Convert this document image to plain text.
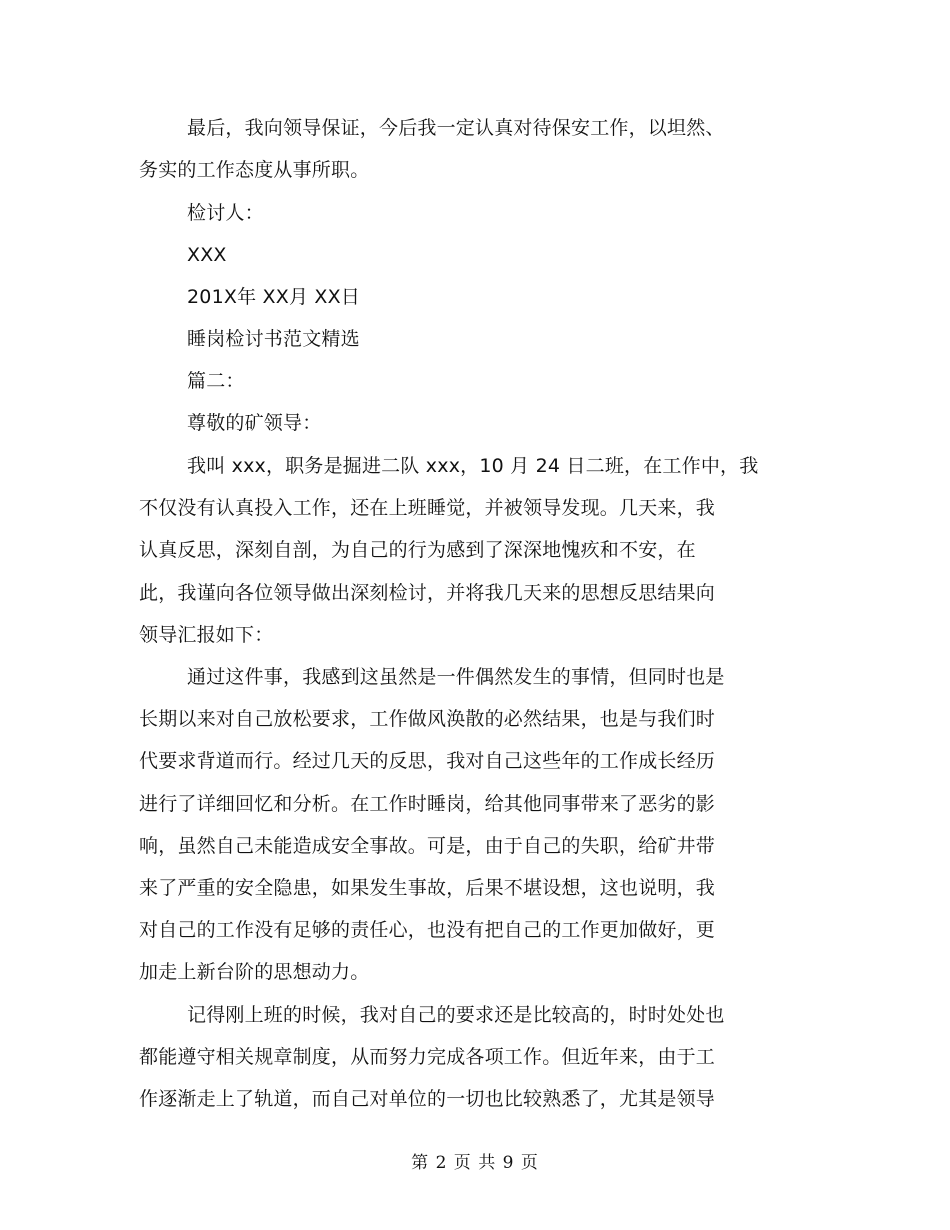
最后，我向领导保证，今后我一定认真对待保安工作，以坦然、
务实的工作态度从事所职。
检讨人：
XXX
201X年 XX月 XX日
睡岗检讨书范文精选
篇二：
尊敬的矿领导：
我叫 xxx，职务是掘进二队 xxx，10 月 24 日二班，在工作中，我
不仅没有认真投入工作，还在上班睡觉，并被领导发现。几天来，我
认真反思，深刻自剖，为自己的行为感到了深深地愧疚和不安，在
此，我谨向各位领导做出深刻检讨，并将我几天来的思想反思结果向
领导汇报如下：
通过这件事，我感到这虽然是一件偶然发生的事情，但同时也是
长期以来对自己放松要求，工作做风涣散的必然结果，也是与我们时
代要求背道而行。经过几天的反思，我对自己这些年的工作成长经历
进行了详细回忆和分析。在工作时睡岗，给其他同事带来了恶劣的影
响，虽然自己未能造成安全事故。可是，由于自己的失职，给矿井带
来了严重的安全隐患，如果发生事故，后果不堪设想，这也说明，我
对自己的工作没有足够的责任心，也没有把自己的工作更加做好，更
加走上新台阶的思想动力。
记得刚上班的时候，我对自己的要求还是比较高的，时时处处也
都能遵守相关规章制度，从而努力完成各项工作。但近年来，由于工
作逐渐走上了轨道，而自己对单位的一切也比较熟悉了，尤其是领导
第 2 页 共 9 页
